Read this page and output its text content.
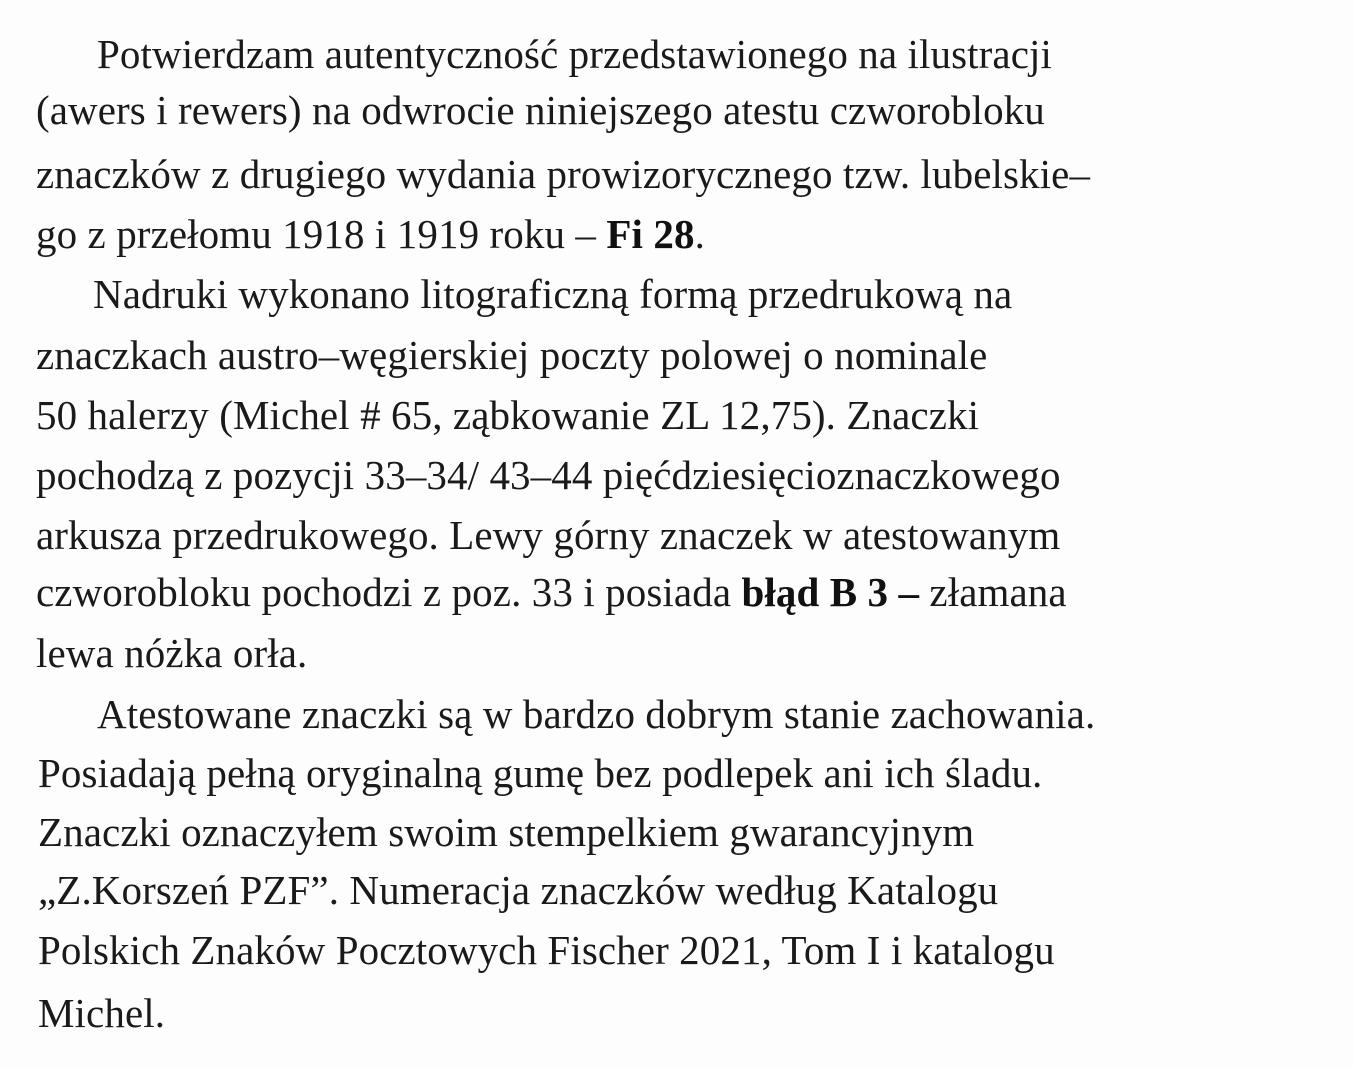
Potwierdzam autentyczność przedstawionego na ilustracji
(awers i rewers) na odwrocie niniejszego atestu czworobloku
znaczków z drugiego wydania prowizorycznego tzw. lubelskie–
go z przełomu 1918 i 1919 roku – Fi 28.
Nadruki wykonano litograficzną formą przedrukową na
znaczkach austro–węgierskiej poczty polowej o nominale
50 halerzy (Michel # 65, ząbkowanie ZL 12,75). Znaczki
pochodzą z pozycji 33–34/ 43–44 pięćdziesięcioznaczkowego
arkusza przedrukowego. Lewy górny znaczek w atestowanym
czworobloku pochodzi z poz. 33 i posiada błąd B 3 – złamana
lewa nóżka orła.
Atestowane znaczki są w bardzo dobrym stanie zachowania.
Posiadają pełną oryginalną gumę bez podlepek ani ich śladu.
Znaczki oznaczyłem swoim stempelkiem gwarancyjnym
„Z.Korszeń PZF”. Numeracja znaczków według Katalogu
Polskich Znaków Pocztowych Fischer 2021, Tom I i katalogu
Michel.
